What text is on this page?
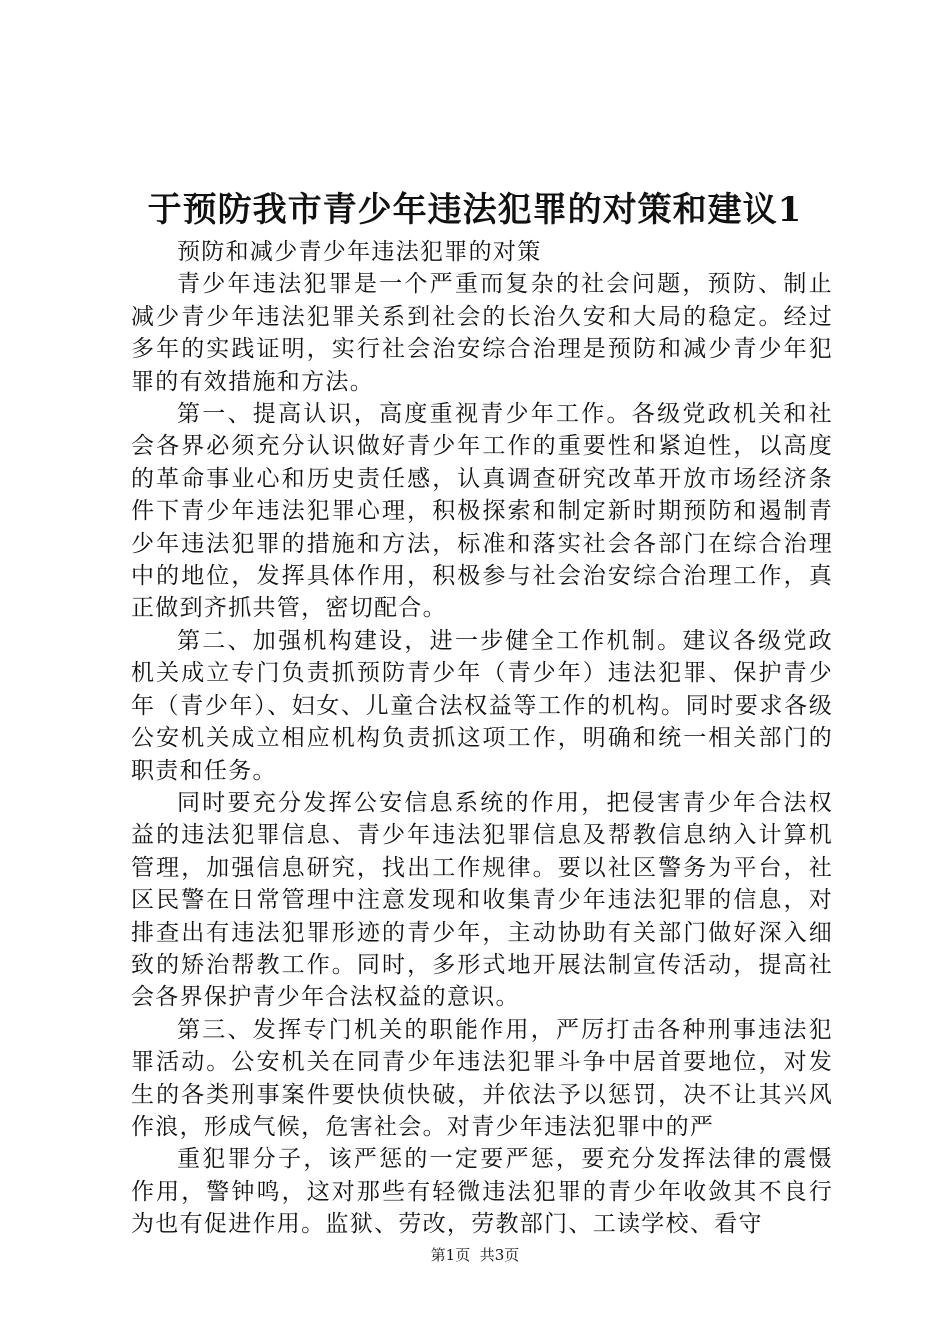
于预防我市青少年违法犯罪的对策和建议1

预防和减少青少年违法犯罪的对策

青少年违法犯罪是一个严重而复杂的社会问题，预防、制止减少青少年违法犯罪关系到社会的长治久安和大局的稳定。经过多年的实践证明，实行社会治安综合治理是预防和减少青少年犯罪的有效措施和方法。

第一、提高认识，高度重视青少年工作。各级党政机关和社会各界必须充分认识做好青少年工作的重要性和紧迫性，以高度的革命事业心和历史责任感，认真调查研究改革开放市场经济条件下青少年违法犯罪心理，积极探索和制定新时期预防和遏制青少年违法犯罪的措施和方法，标准和落实社会各部门在综合治理中的地位，发挥具体作用，积极参与社会治安综合治理工作，真正做到齐抓共管，密切配合。

第二、加强机构建设，进一步健全工作机制。建议各级党政机关成立专门负责抓预防青少年（青少年）违法犯罪、保护青少年（青少年）、妇女、儿童合法权益等工作的机构。同时要求各级公安机关成立相应机构负责抓这项工作，明确和统一相关部门的职责和任务。

同时要充分发挥公安信息系统的作用，把侵害青少年合法权益的违法犯罪信息、青少年违法犯罪信息及帮教信息纳入计算机管理，加强信息研究，找出工作规律。要以社区警务为平台，社区民警在日常管理中注意发现和收集青少年违法犯罪的信息，对排查出有违法犯罪形迹的青少年，主动协助有关部门做好深入细致的矫治帮教工作。同时，多形式地开展法制宣传活动，提高社会各界保护青少年合法权益的意识。

第三、发挥专门机关的职能作用，严厉打击各种刑事违法犯罪活动。公安机关在同青少年违法犯罪斗争中居首要地位，对发生的各类刑事案件要快侦快破，并依法予以惩罚，决不让其兴风作浪，形成气候，危害社会。对青少年违法犯罪中的严

重犯罪分子，该严惩的一定要严惩，要充分发挥法律的震慑作用，警钟鸣，这对那些有轻微违法犯罪的青少年收敛其不良行为也有促进作用。监狱、劳改，劳教部门、工读学校、看守

第1页 共3页
